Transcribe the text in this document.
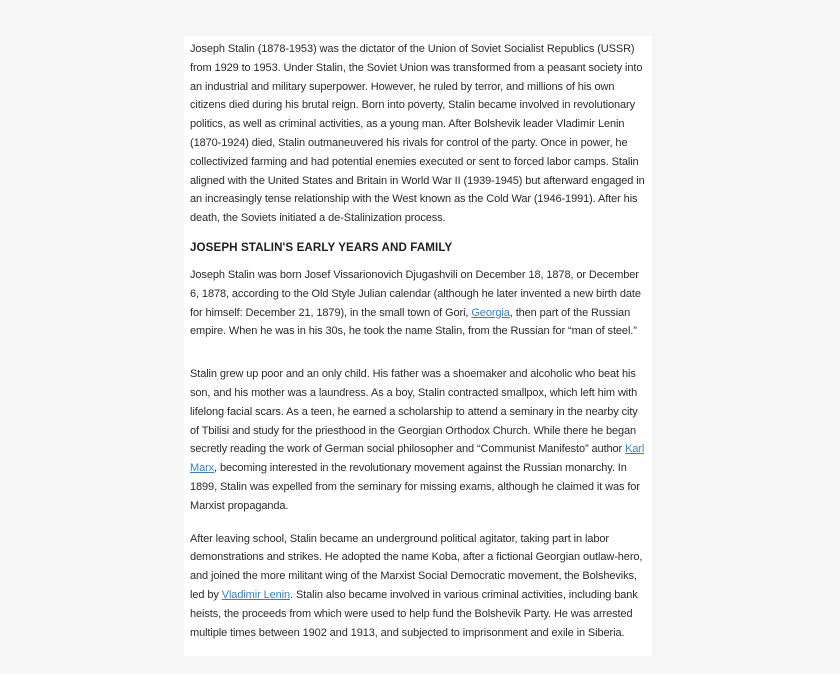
Joseph Stalin (1878-1953) was the dictator of the Union of Soviet Socialist Republics (USSR) from 1929 to 1953. Under Stalin, the Soviet Union was transformed from a peasant society into an industrial and military superpower. However, he ruled by terror, and millions of his own citizens died during his brutal reign. Born into poverty, Stalin became involved in revolutionary politics, as well as criminal activities, as a young man. After Bolshevik leader Vladimir Lenin (1870-1924) died, Stalin outmaneuvered his rivals for control of the party. Once in power, he collectivized farming and had potential enemies executed or sent to forced labor camps. Stalin aligned with the United States and Britain in World War II (1939-1945) but afterward engaged in an increasingly tense relationship with the West known as the Cold War (1946-1991). After his death, the Soviets initiated a de-Stalinization process.

JOSEPH STALIN'S EARLY YEARS AND FAMILY

Joseph Stalin was born Josef Vissarionovich Djugashvili on December 18, 1878, or December 6, 1878, according to the Old Style Julian calendar (although he later invented a new birth date for himself: December 21, 1879), in the small town of Gori, Georgia, then part of the Russian empire. When he was in his 30s, he took the name Stalin, from the Russian for “man of steel.”

Stalin grew up poor and an only child. His father was a shoemaker and alcoholic who beat his son, and his mother was a laundress. As a boy, Stalin contracted smallpox, which left him with lifelong facial scars. As a teen, he earned a scholarship to attend a seminary in the nearby city of Tbilisi and study for the priesthood in the Georgian Orthodox Church. While there he began secretly reading the work of German social philosopher and “Communist Manifesto” author Karl Marx, becoming interested in the revolutionary movement against the Russian monarchy. In 1899, Stalin was expelled from the seminary for missing exams, although he claimed it was for Marxist propaganda.

After leaving school, Stalin became an underground political agitator, taking part in labor demonstrations and strikes. He adopted the name Koba, after a fictional Georgian outlaw-hero, and joined the more militant wing of the Marxist Social Democratic movement, the Bolsheviks, led by Vladimir Lenin. Stalin also became involved in various criminal activities, including bank heists, the proceeds from which were used to help fund the Bolshevik Party. He was arrested multiple times between 1902 and 1913, and subjected to imprisonment and exile in Siberia.
